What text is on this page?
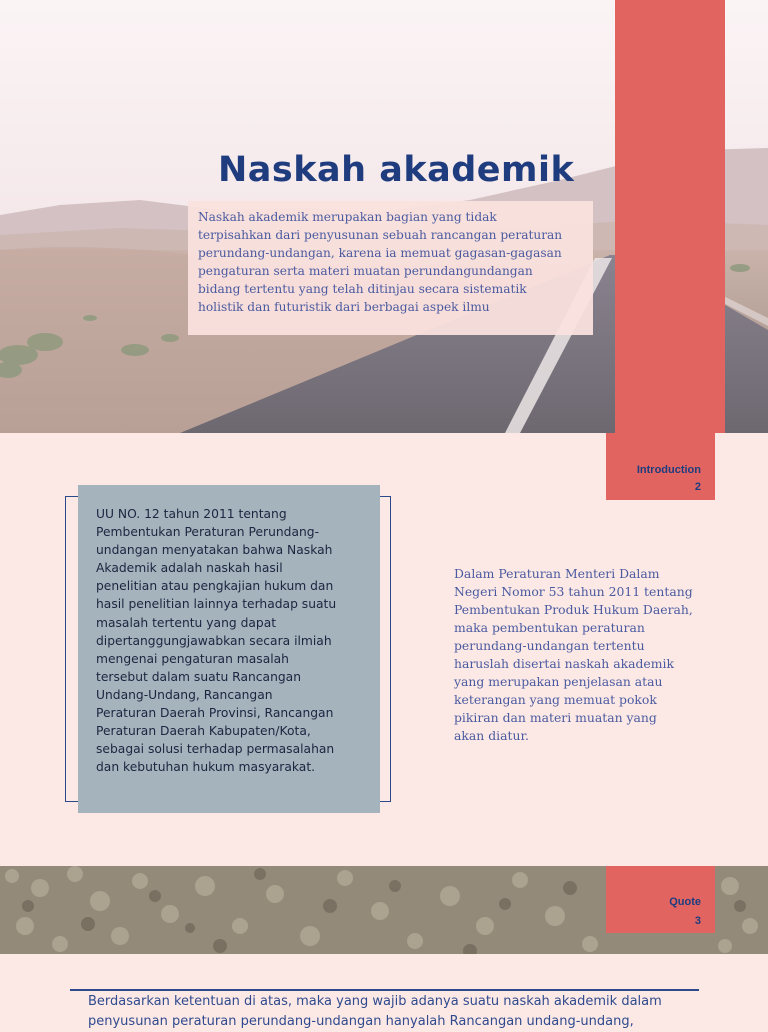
Naskah akademik

Naskah akademik merupakan bagian yang tidak

terpisahkan dari penyusunan sebuah rancangan peraturan

perundang-undangan, karena ia memuat gagasan-gagasan

pengaturan serta materi muatan perundangundangan

bidang tertentu yang telah ditinjau secara sistematik

holistik dan futuristik dari berbagai aspek ilmu

Introduction
2

UU NO. 12 tahun 2011 tentang

Pembentukan Peraturan Perundang-

undangan menyatakan bahwa Naskah

Akademik adalah naskah hasil

penelitian atau pengkajian hukum dan

hasil penelitian lainnya terhadap suatu

masalah tertentu yang dapat

dipertanggungjawabkan secara ilmiah

mengenai pengaturan masalah

tersebut dalam suatu Rancangan

Undang-Undang, Rancangan

Peraturan Daerah Provinsi, Rancangan

Peraturan Daerah Kabupaten/Kota,

sebagai solusi terhadap permasalahan

dan kebutuhan hukum masyarakat.

Dalam Peraturan Menteri Dalam

Negeri Nomor 53 tahun 2011 tentang

Pembentukan Produk Hukum Daerah,

maka pembentukan peraturan

perundang-undangan tertentu

haruslah disertai naskah akademik

yang merupakan penjelasan atau

keterangan yang memuat pokok

pikiran dan materi muatan yang

akan diatur.

Quote
3

Berdasarkan ketentuan di atas, maka yang wajib adanya suatu naskah akademik dalam

penyusunan peraturan perundang-undangan hanyalah Rancangan undang-undang,
